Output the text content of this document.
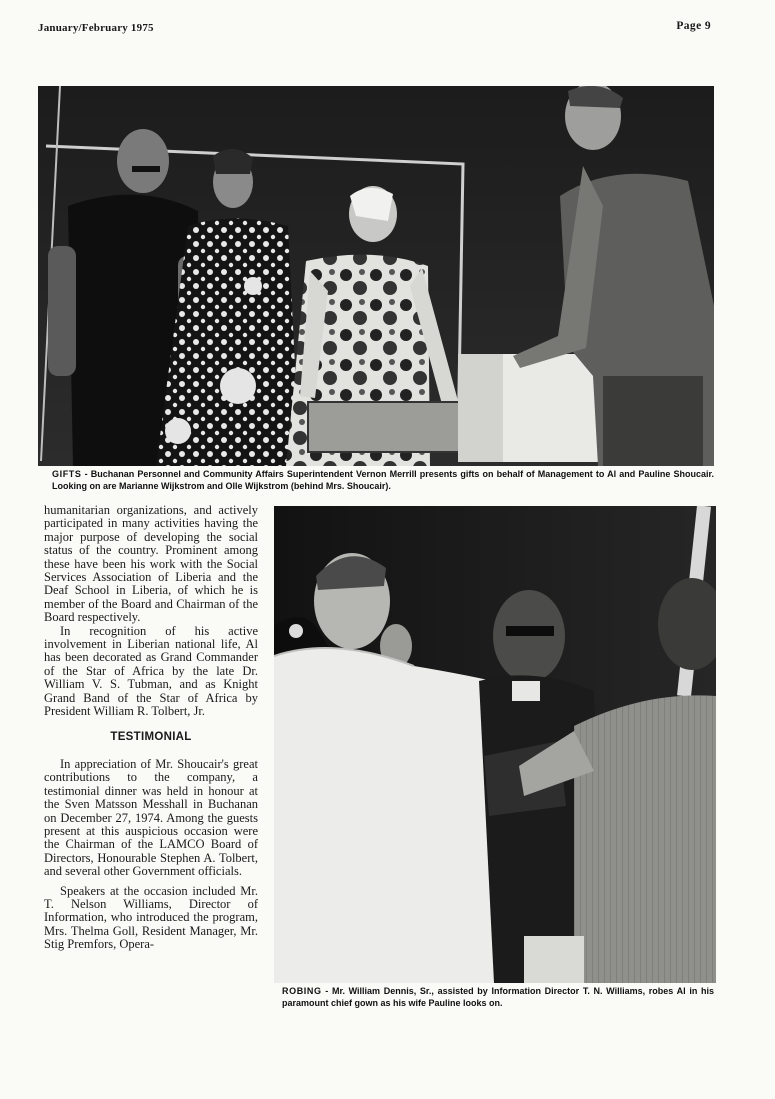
January/February 1975	Page 9
GIFTS - Buchanan Personnel and Community Affairs Superintendent Vernon Merrill presents gifts on behalf of Management to Al and Pauline Shoucair. Looking on are Marianne Wijkstrom and Olle Wijkstrom (behind Mrs. Shoucair).

humanitarian organizations, and actively participated in many activities having the major purpose of developing the social status of the country. Prominent among these have been his work with the Social Services Association of Liberia and the Deaf School in Liberia, of which he is member of the Board and Chairman of the Board respectively.

In recognition of his active involvement in Liberian national life, Al has been decorated as Grand Commander of the Star of Africa by the late Dr. William V. S. Tubman, and as Knight Grand Band of the Star of Africa by President William R. Tolbert, Jr.

TESTIMONIAL

In appreciation of Mr. Shoucair's great contributions to the company, a testimonial dinner was held in honour at the Sven Matsson Messhall in Buchanan on December 27, 1974. Among the guests present at this auspicious occasion were the Chairman of the LAMCO Board of Directors, Honourable Stephen A. Tolbert, and several other Government officials.

Speakers at the occasion included Mr. T. Nelson Williams, Director of Information, who introduced the program, Mrs. Thelma Goll, Resident Manager, Mr. Stig Premfors, Opera-

ROBING - Mr. William Dennis, Sr., assisted by Information Director T. N. Williams, robes Al in his paramount chief gown as his wife Pauline looks on.
